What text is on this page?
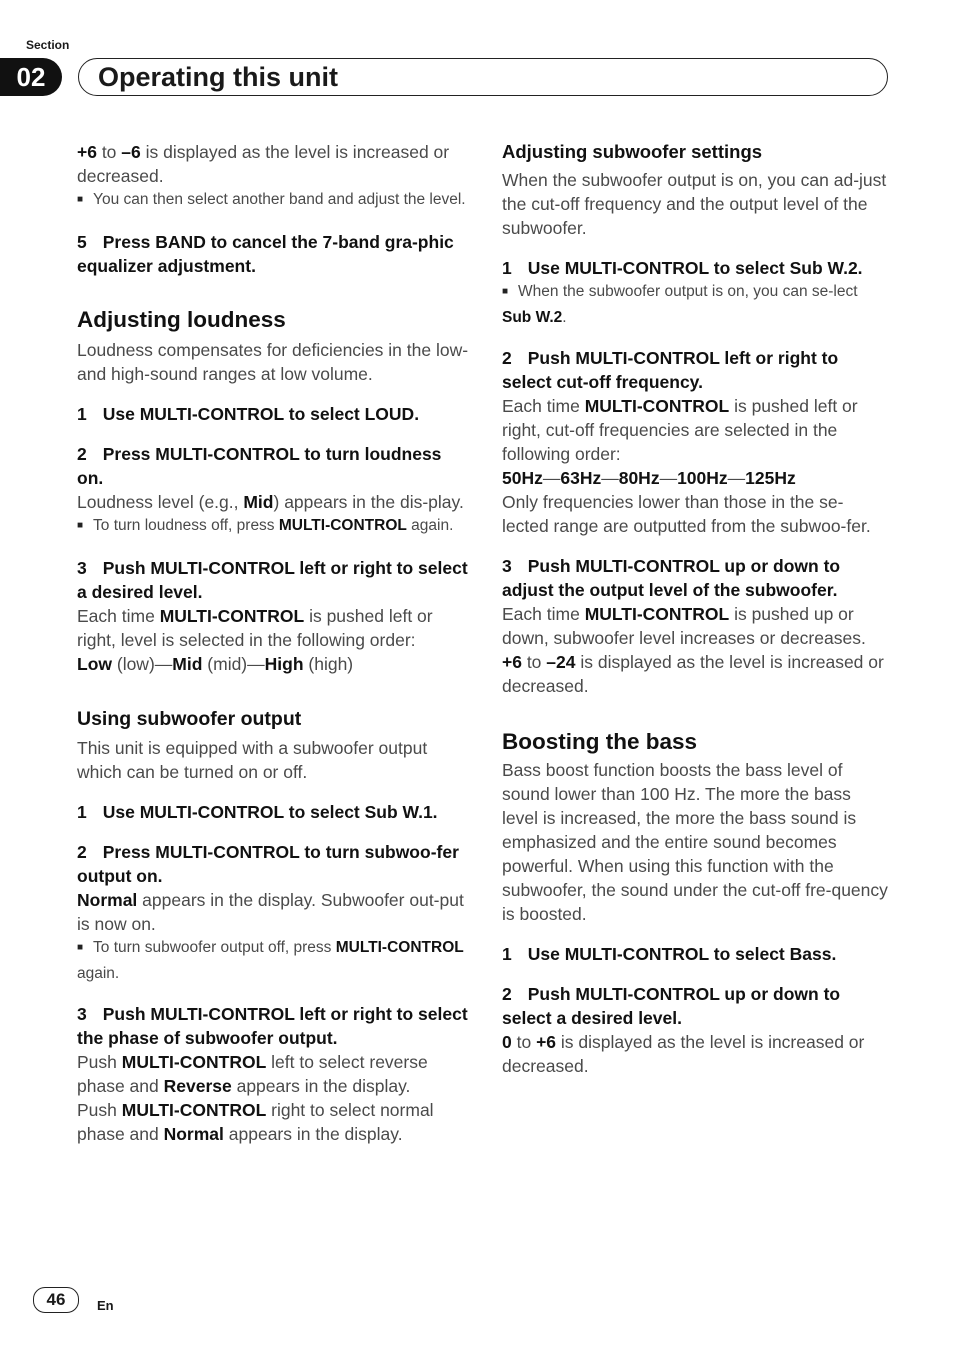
Section
02	Operating this unit

+6 to –6 is displayed as the level is increased or decreased.

■ You can then select another band and adjust the level.

5 Press BAND to cancel the 7-band gra-phic equalizer adjustment.

Adjusting loudness

Loudness compensates for deficiencies in the low- and high-sound ranges at low volume.

1 Use MULTI-CONTROL to select LOUD.

2 Press MULTI-CONTROL to turn loudness on.

Loudness level (e.g., Mid) appears in the dis-play.

■ To turn loudness off, press MULTI-CONTROL again.

3 Push MULTI-CONTROL left or right to select a desired level.

Each time MULTI-CONTROL is pushed left or right, level is selected in the following order:

Low (low)—Mid (mid)—High (high)

Using subwoofer output

This unit is equipped with a subwoofer output which can be turned on or off.

1 Use MULTI-CONTROL to select Sub W.1.

2 Press MULTI-CONTROL to turn subwoo-fer output on.

Normal appears in the display. Subwoofer out-put is now on.

■ To turn subwoofer output off, press MULTI-CONTROL again.

3 Push MULTI-CONTROL left or right to select the phase of subwoofer output.

Push MULTI-CONTROL left to select reverse phase and Reverse appears in the display.

Push MULTI-CONTROL right to select normal phase and Normal appears in the display.

Adjusting subwoofer settings

When the subwoofer output is on, you can ad-just the cut-off frequency and the output level of the subwoofer.

1 Use MULTI-CONTROL to select Sub W.2.

■ When the subwoofer output is on, you can se-lect Sub W.2.

2 Push MULTI-CONTROL left or right to select cut-off frequency.

Each time MULTI-CONTROL is pushed left or right, cut-off frequencies are selected in the following order:

50Hz—63Hz—80Hz—100Hz—125Hz

Only frequencies lower than those in the se-lected range are outputted from the subwoo-fer.

3 Push MULTI-CONTROL up or down to adjust the output level of the subwoofer.

Each time MULTI-CONTROL is pushed up or down, subwoofer level increases or decreases.

+6 to –24 is displayed as the level is increased or decreased.

Boosting the bass

Bass boost function boosts the bass level of sound lower than 100 Hz. The more the bass level is increased, the more the bass sound is emphasized and the entire sound becomes powerful. When using this function with the subwoofer, the sound under the cut-off fre-quency is boosted.

1 Use MULTI-CONTROL to select Bass.

2 Push MULTI-CONTROL up or down to select a desired level.

0 to +6 is displayed as the level is increased or decreased.

46	En
